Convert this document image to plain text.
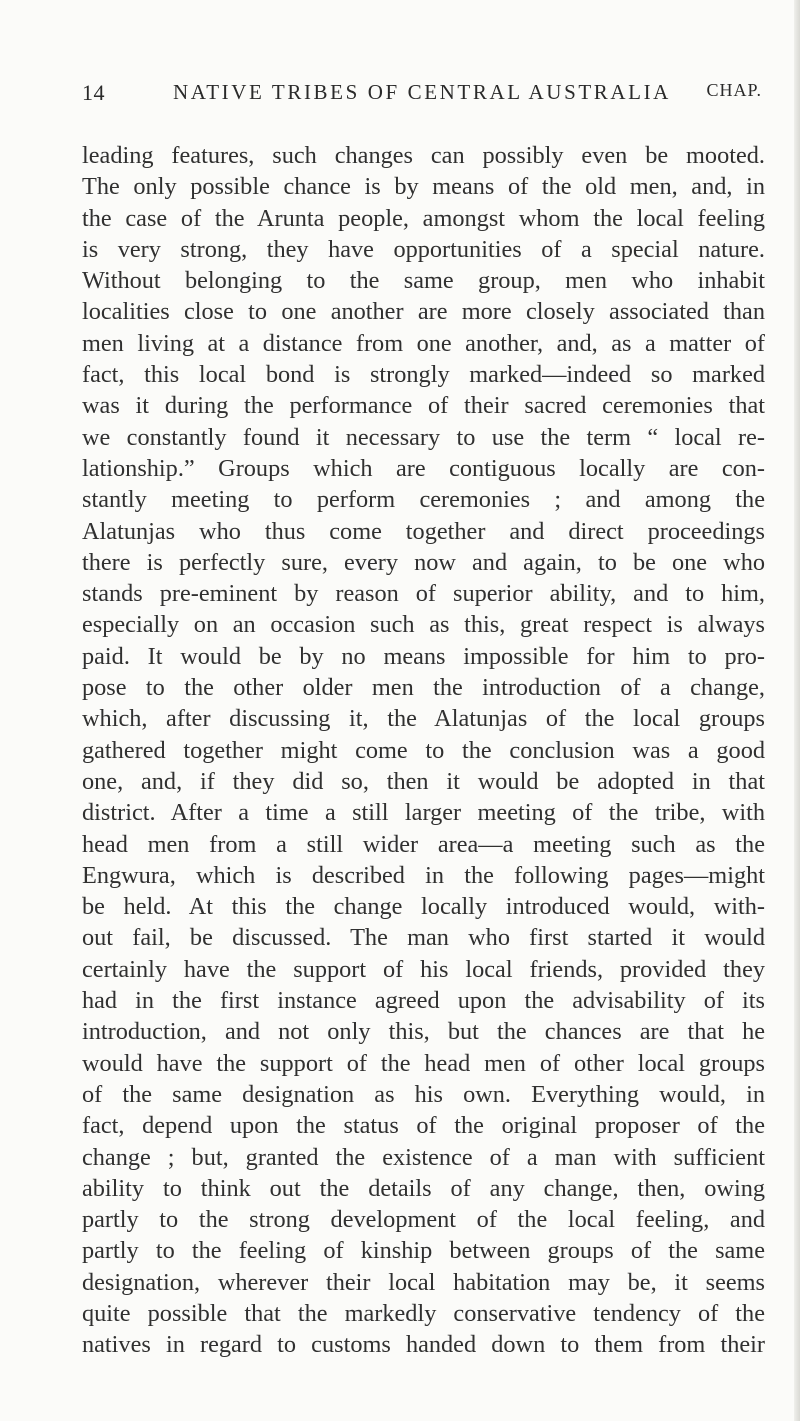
14	NATIVE TRIBES OF CENTRAL AUSTRALIA	CHAP.
leading features, such changes can possibly even be mooted.
The only possible chance is by means of the old men, and, in
the case of the Arunta people, amongst whom the local feeling
is very strong, they have opportunities of a special nature.
Without belonging to the same group, men who inhabit
localities close to one another are more closely associated than
men living at a distance from one another, and, as a matter of
fact, this local bond is strongly marked—indeed so marked
was it during the performance of their sacred ceremonies that
we constantly found it necessary to use the term “ local re-
lationship.” Groups which are contiguous locally are con-
stantly meeting to perform ceremonies ; and among the
Alatunjas who thus come together and direct proceedings
there is perfectly sure, every now and again, to be one who
stands pre-eminent by reason of superior ability, and to him,
especially on an occasion such as this, great respect is always
paid. It would be by no means impossible for him to pro-
pose to the other older men the introduction of a change,
which, after discussing it, the Alatunjas of the local groups
gathered together might come to the conclusion was a good
one, and, if they did so, then it would be adopted in that
district. After a time a still larger meeting of the tribe, with
head men from a still wider area—a meeting such as the
Engwura, which is described in the following pages—might
be held. At this the change locally introduced would, with-
out fail, be discussed. The man who first started it would
certainly have the support of his local friends, provided they
had in the first instance agreed upon the advisability of its
introduction, and not only this, but the chances are that he
would have the support of the head men of other local groups
of the same designation as his own. Everything would, in
fact, depend upon the status of the original proposer of the
change ; but, granted the existence of a man with sufficient
ability to think out the details of any change, then, owing
partly to the strong development of the local feeling, and
partly to the feeling of kinship between groups of the same
designation, wherever their local habitation may be, it seems
quite possible that the markedly conservative tendency of the
natives in regard to customs handed down to them from their
